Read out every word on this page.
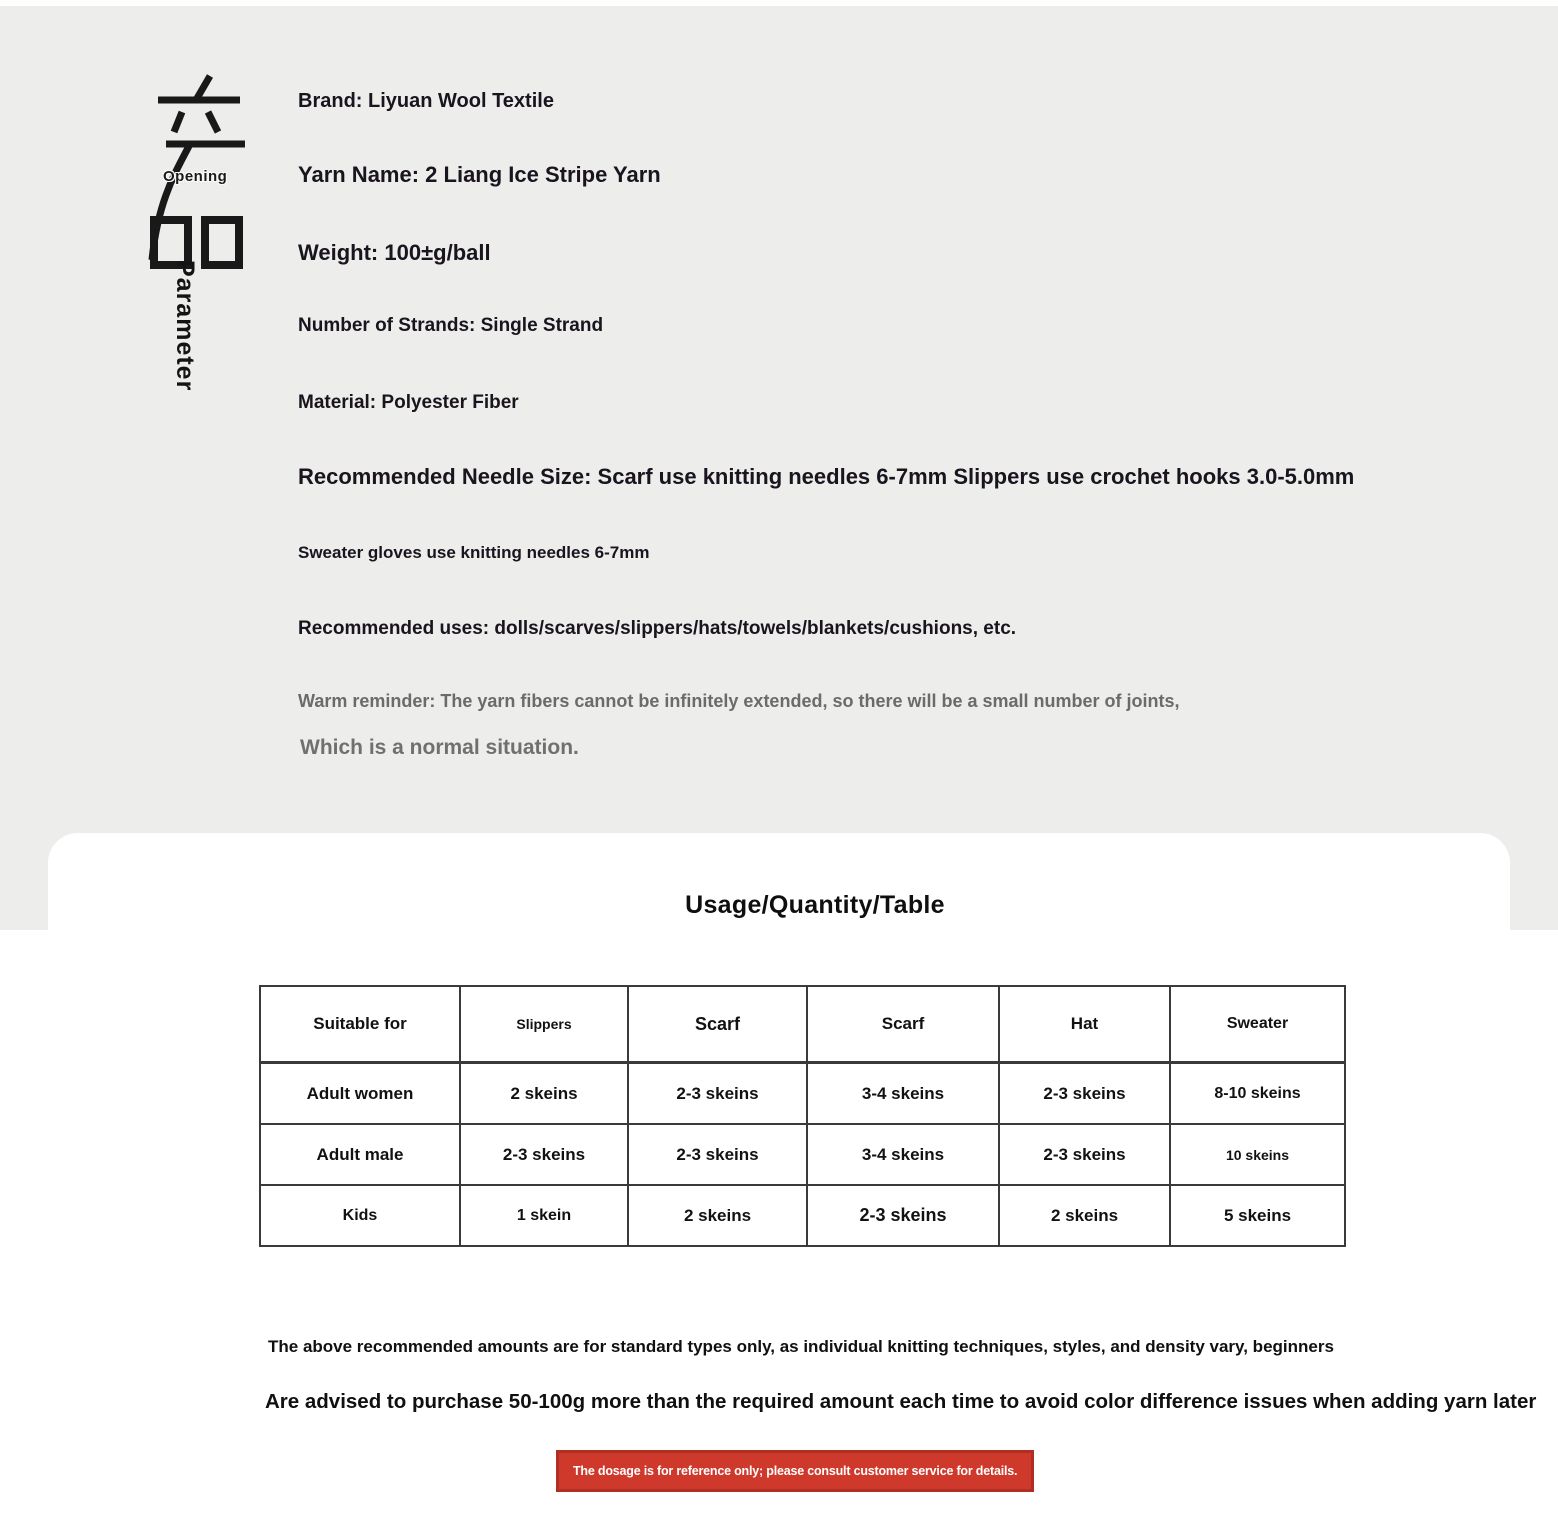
Opening
Parameter
Brand: Liyuan Wool Textile
Yarn Name: 2 Liang Ice Stripe Yarn
Weight: 100±g/ball
Number of Strands: Single Strand
Material: Polyester Fiber
Recommended Needle Size: Scarf use knitting needles 6-7mm Slippers use crochet hooks 3.0-5.0mm
Sweater gloves use knitting needles 6-7mm
Recommended uses: dolls/scarves/slippers/hats/towels/blankets/cushions, etc.
Warm reminder: The yarn fibers cannot be infinitely extended, so there will be a small number of joints,
Which is a normal situation.
Usage/Quantity/Table
Suitable for	Slippers	Scarf	Scarf	Hat	Sweater
Adult women	2 skeins	2-3 skeins	3-4 skeins	2-3 skeins	8-10 skeins
Adult male	2-3 skeins	2-3 skeins	3-4 skeins	2-3 skeins	10 skeins
Kids	1 skein	2 skeins	2-3 skeins	2 skeins	5 skeins
The above recommended amounts are for standard types only, as individual knitting techniques, styles, and density vary, beginners
Are advised to purchase 50-100g more than the required amount each time to avoid color difference issues when adding yarn later
The dosage is for reference only; please consult customer service for details.
